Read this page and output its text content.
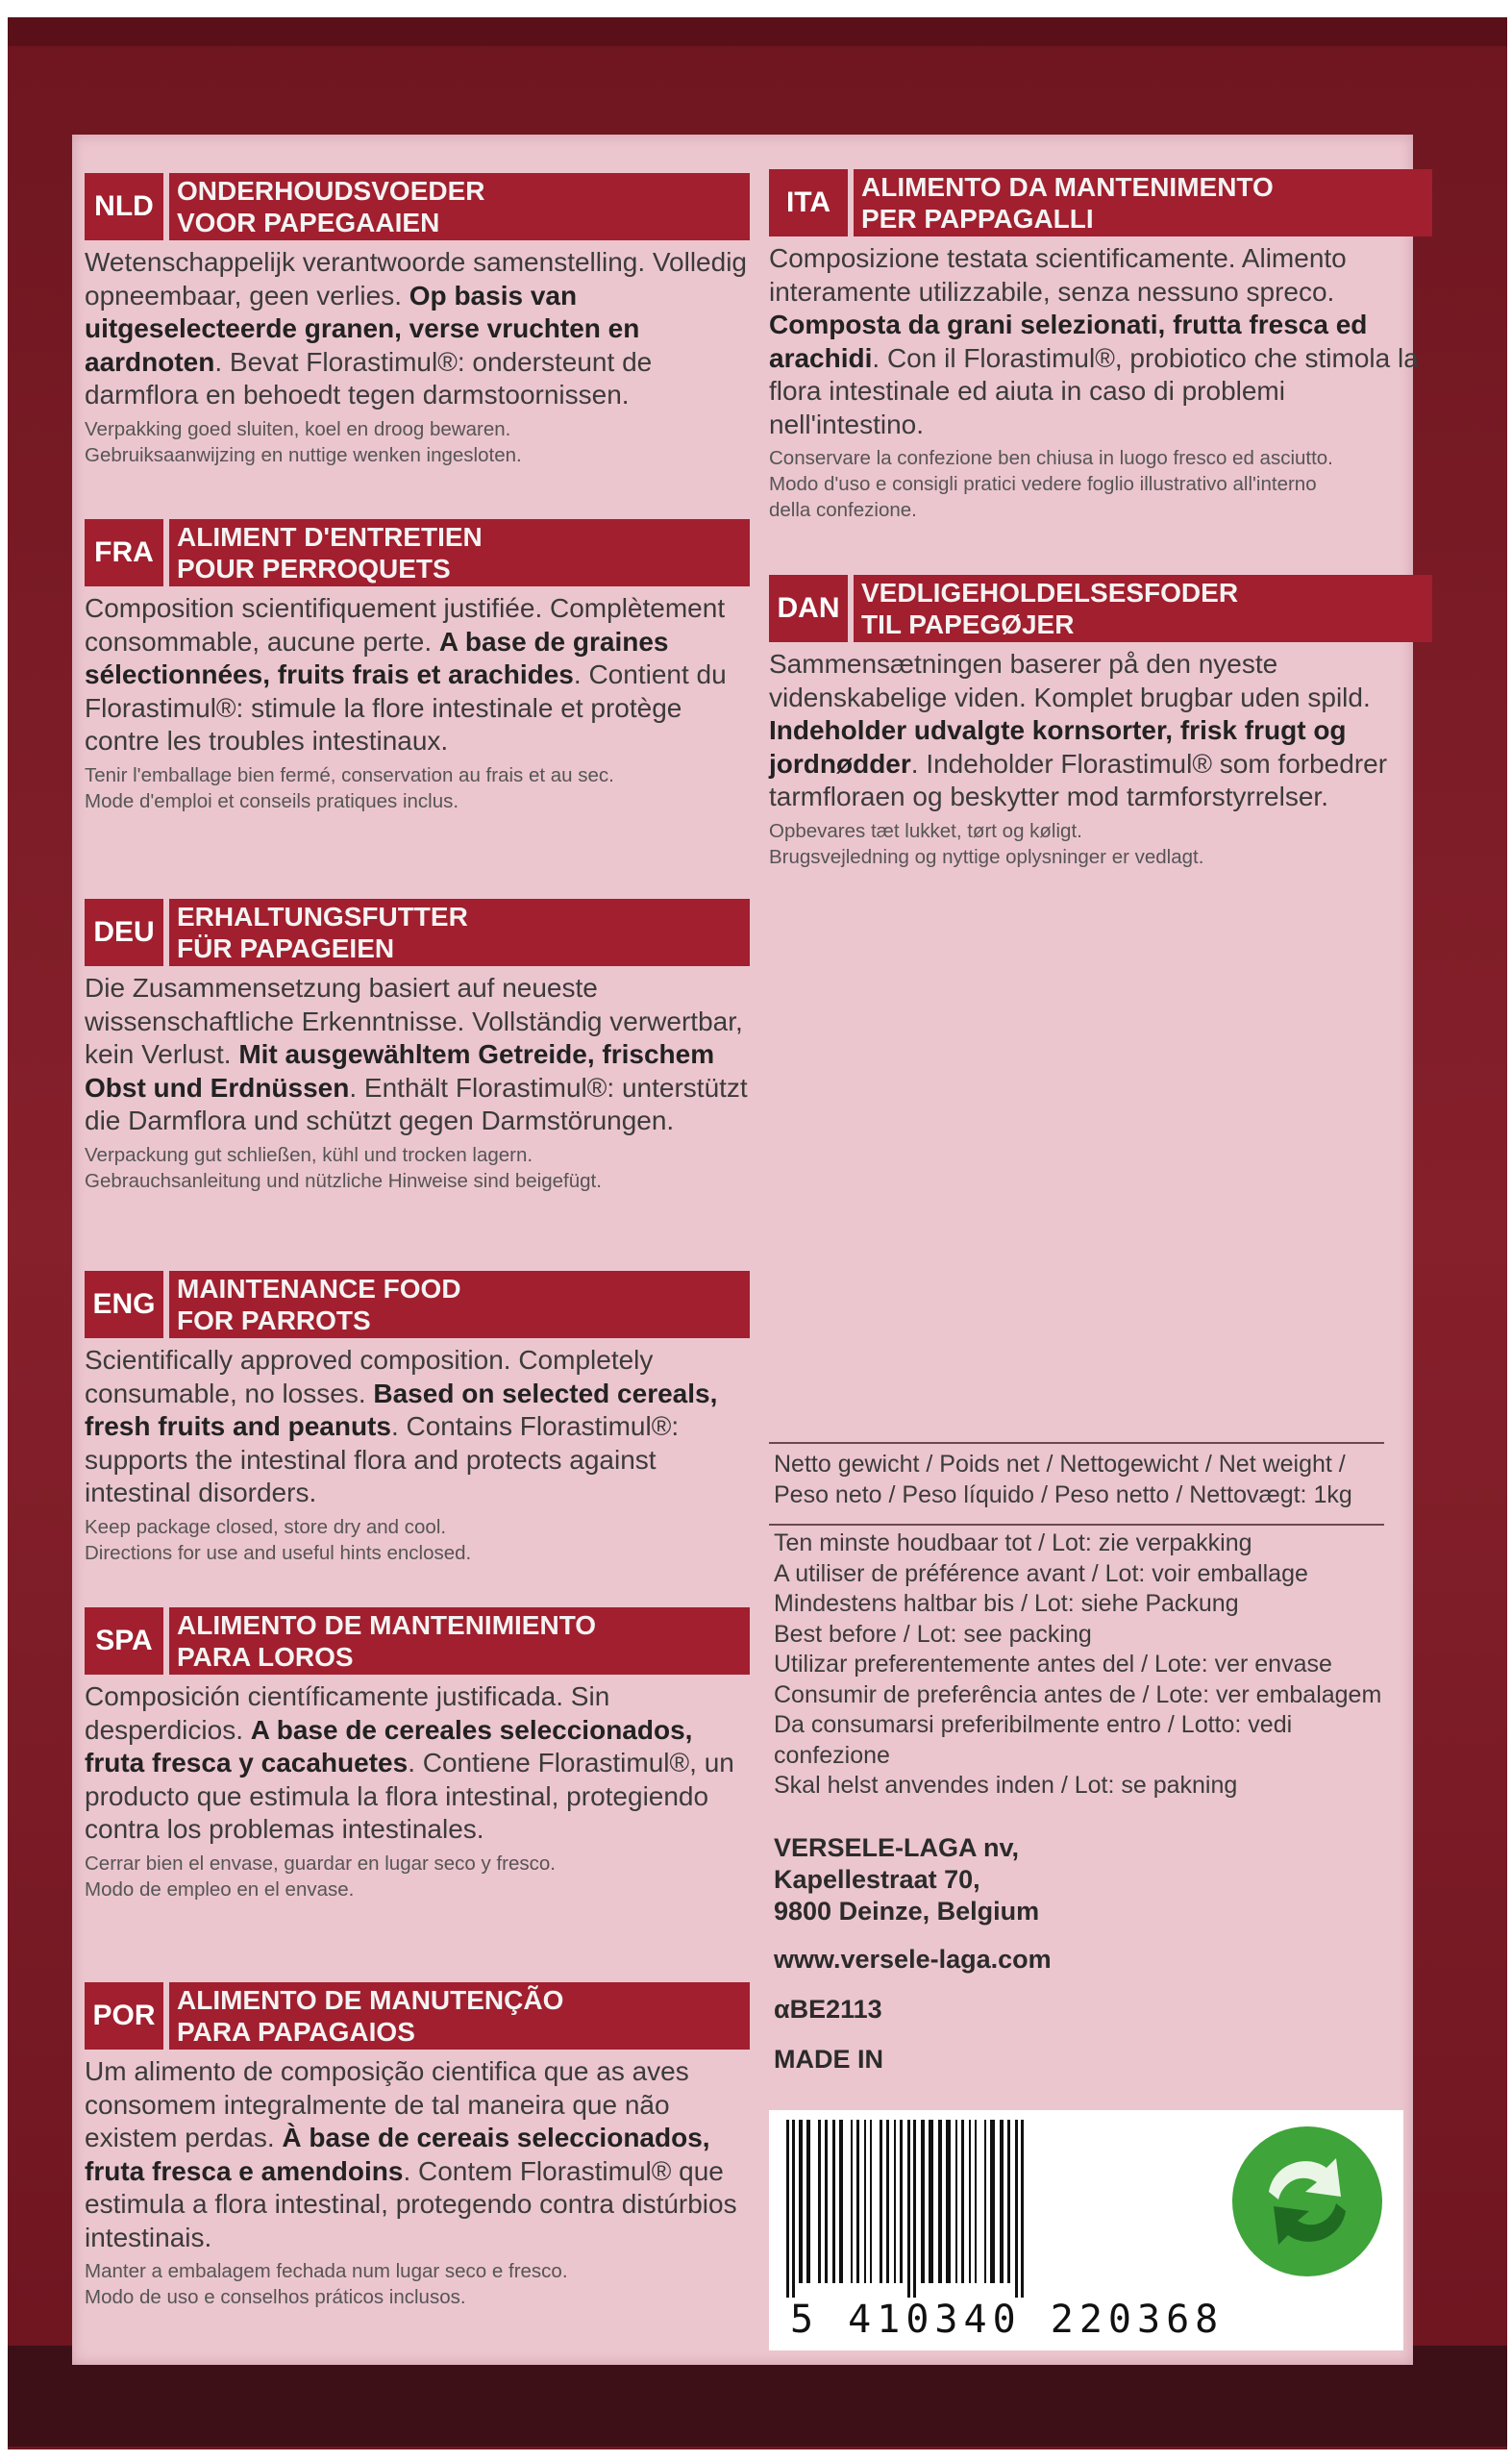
NLD ONDERHOUDSVOEDER
VOOR PAPEGAAIEN
Wetenschappelijk verantwoorde samenstelling. Volledig opneembaar, geen verlies. Op basis van uitgeselecteerde granen, verse vruchten en aardnoten. Bevat Florastimul®: ondersteunt de darmflora en behoedt tegen darmstoornissen.
Verpakking goed sluiten, koel en droog bewaren.
Gebruiksaanwijzing en nuttige wenken ingesloten.
FRA ALIMENT D'ENTRETIEN
POUR PERROQUETS
Composition scientifiquement justifiée. Complètement consommable, aucune perte. A base de graines sélectionnées, fruits frais et arachides. Contient du Florastimul®: stimule la flore intestinale et protège contre les troubles intestinaux.
Tenir l'emballage bien fermé, conservation au frais et au sec.
Mode d'emploi et conseils pratiques inclus.
DEU ERHALTUNGSFUTTER
FÜR PAPAGEIEN
Die Zusammensetzung basiert auf neueste wissenschaftliche Erkenntnisse. Vollständig verwertbar, kein Verlust. Mit ausgewähltem Getreide, frischem Obst und Erdnüssen. Enthält Florastimul®: unterstützt die Darmflora und schützt gegen Darmstörungen.
Verpackung gut schließen, kühl und trocken lagern.
Gebrauchsanleitung und nützliche Hinweise sind beigefügt.
ENG MAINTENANCE FOOD
FOR PARROTS
Scientifically approved composition. Completely consumable, no losses. Based on selected cereals, fresh fruits and peanuts. Contains Florastimul®: supports the intestinal flora and protects against intestinal disorders.
Keep package closed, store dry and cool.
Directions for use and useful hints enclosed.
SPA ALIMENTO DE MANTENIMIENTO
PARA LOROS
Composición científicamente justificada. Sin desperdicios. A base de cereales seleccionados, fruta fresca y cacahuetes. Contiene Florastimul®, un producto que estimula la flora intestinal, protegiendo contra los problemas intestinales.
Cerrar bien el envase, guardar en lugar seco y fresco.
Modo de empleo en el envase.
POR ALIMENTO DE MANUTENÇÃO
PARA PAPAGAIOS
Um alimento de composição cientifica que as aves consomem integralmente de tal maneira que não existem perdas. À base de cereais seleccionados, fruta fresca e amendoins. Contem Florastimul® que estimula a flora intestinal, protegendo contra distúrbios intestinais.
Manter a embalagem fechada num lugar seco e fresco.
Modo de uso e conselhos práticos inclusos.
ITA	ALIMENTO DA MANTENIMENTO
PER PAPPAGALLI
Composizione testata scientificamente. Alimento interamente utilizzabile, senza nessuno spreco. Composta da grani selezionati, frutta fresca ed arachidi. Con il Florastimul®, probiotico che stimola la flora intestinale ed aiuta in caso di problemi nell'intestino.
Conservare la confezione ben chiusa in luogo fresco ed asciutto.
Modo d'uso e consigli pratici vedere foglio illustrativo all'interno
della confezione.
DAN VEDLIGEHOLDELSESFODER
TIL PAPEGØJER
Sammensætningen baserer på den nyeste videnskabelige viden. Komplet brugbar uden spild. Indeholder udvalgte kornsorter, frisk frugt og jordnødder. Indeholder Florastimul® som forbedrer tarmfloraen og beskytter mod tarmforstyrrelser.
Opbevares tæt lukket, tørt og køligt.
Brugsvejledning og nyttige oplysninger er vedlagt.
Netto gewicht / Poids net / Nettogewicht / Net weight /
Peso neto / Peso líquido / Peso netto / Nettovægt: 1kg
Ten minste houdbaar tot / Lot: zie verpakking
A utiliser de préférence avant / Lot: voir emballage
Mindestens haltbar bis / Lot: siehe Packung
Best before / Lot: see packing
Utilizar preferentemente antes del / Lote: ver envase
Consumir de preferência antes de / Lote: ver embalagem
Da consumarsi preferibilmente entro / Lotto: vedi
confezione
Skal helst anvendes inden / Lot: se pakning
VERSELE-LAGA nv,
Kapellestraat 70,
9800 Deinze, Belgium
www.versele-laga.com
αBE2113
MADE IN
5 410340 220368
